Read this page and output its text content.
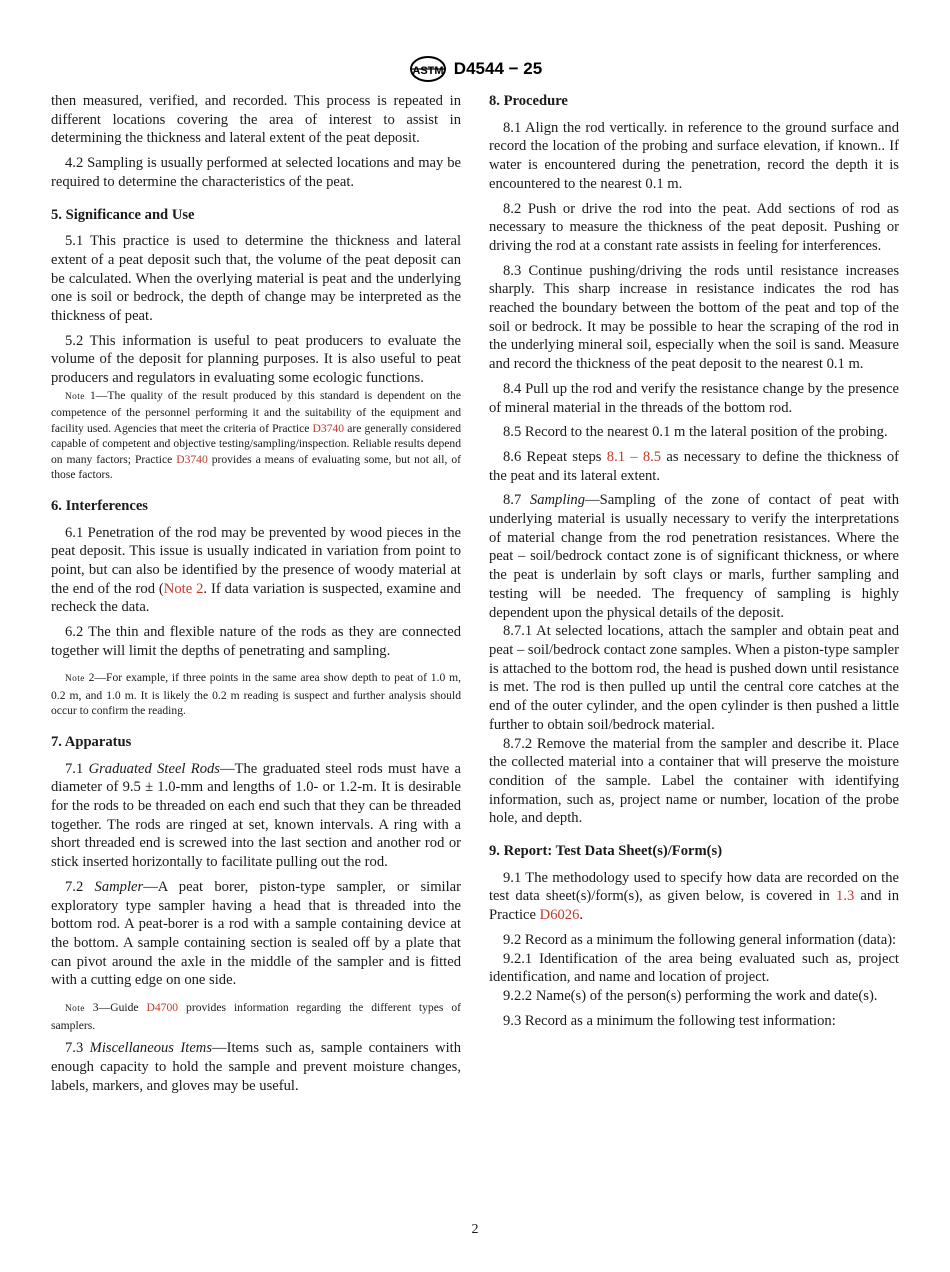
ASTM D4544 − 25

then measured, verified, and recorded. This process is repeated in different locations covering the area of interest to assist in determining the thickness and lateral extent of the peat deposit.

4.2 Sampling is usually performed at selected locations and may be required to determine the characteristics of the peat.

5. Significance and Use

5.1 This practice is used to determine the thickness and lateral extent of a peat deposit such that, the volume of the peat deposit can be calculated. When the overlying material is peat and the underlying one is soil or bedrock, the depth of change may be interpreted as the thickness of peat.

5.2 This information is useful to peat producers to evaluate the volume of the deposit for planning purposes. It is also useful to peat producers and regulators in evaluating some ecologic functions.

Note 1—The quality of the result produced by this standard is dependent on the competence of the personnel performing it and the suitability of the equipment and facility used. Agencies that meet the criteria of Practice D3740 are generally considered capable of competent and objective testing/sampling/inspection. Reliable results depend on many factors; Practice D3740 provides a means of evaluating some, but not all, of those factors.
6. Interferences

6.1 Penetration of the rod may be prevented by wood pieces in the peat deposit. This issue is usually indicated in variation from point to point, but can also be identified by the presence of woody material at the end of the rod (Note 2. If data variation is suspected, examine and recheck the data.

6.2 The thin and flexible nature of the rods as they are connected together will limit the depths of penetrating and sampling.

Note 2—For example, if three points in the same area show depth to peat of 1.0 m, 0.2 m, and 1.0 m. It is likely the 0.2 m reading is suspect and further analysis should occur to confirm the reading.
7. Apparatus

7.1 Graduated Steel Rods—The graduated steel rods must have a diameter of 9.5 ± 1.0-mm and lengths of 1.0- or 1.2-m. It is desirable for the rods to be threaded on each end such that they can be threaded together. The rods are ringed at set, known intervals. A ring with a short threaded end is screwed into the last section and another rod or stick inserted horizontally to facilitate pulling out the rod.

7.2 Sampler—A peat borer, piston-type sampler, or similar exploratory type sampler having a head that is threaded into the bottom rod. A peat-borer is a rod with a sample containing device at the bottom. A sample containing section is sealed off by a plate that can pivot around the axle in the middle of the sampler and is fitted with a cutting edge on one side.

Note 3—Guide D4700 provides information regarding the different types of samplers.

7.3 Miscellaneous Items—Items such as, sample containers with enough capacity to hold the sample and prevent moisture changes, labels, markers, and gloves may be useful.

8. Procedure

8.1 Align the rod vertically. in reference to the ground surface and record the location of the probing and surface elevation, if known.. If water is encountered during the penetration, record the depth it is encountered to the nearest 0.1 m.

8.2 Push or drive the rod into the peat. Add sections of rod as necessary to measure the thickness of the peat deposit. Pushing or driving the rod at a constant rate assists in feeling for interferences.

8.3 Continue pushing/driving the rods until resistance increases sharply. This sharp increase in resistance indicates the rod has reached the boundary between the bottom of the peat and top of the soil or bedrock. It may be possible to hear the scraping of the rod in the underlying mineral soil, especially when the soil is sand. Measure and record the thickness of the peat deposit to the nearest 0.1 m.

8.4 Pull up the rod and verify the resistance change by the presence of mineral material in the threads of the bottom rod.

8.5 Record to the nearest 0.1 m the lateral position of the probing.

8.6 Repeat steps 8.1 – 8.5 as necessary to define the thickness of the peat and its lateral extent.

8.7 Sampling—Sampling of the zone of contact of peat with underlying material is usually necessary to verify the interpretations of material change from the rod penetration resistances. Where the peat – soil/bedrock contact zone is of significant thickness, or where the peat is underlain by soft clays or marls, further sampling and testing will be needed. The frequency of sampling is highly dependent upon the physical details of the deposit.

8.7.1 At selected locations, attach the sampler and obtain peat and peat – soil/bedrock contact zone samples. When a piston-type sampler is attached to the bottom rod, the head is pushed down until resistance is met. The rod is then pulled up until the central core catches at the end of the outer cylinder, and the open cylinder is then pushed a little further to obtain soil/bedrock material.

8.7.2 Remove the material from the sampler and describe it. Place the collected material into a container that will preserve the moisture condition of the sample. Label the container with identifying information, such as, project name or number, location of the probe hole, and depth.

9. Report: Test Data Sheet(s)/Form(s)

9.1 The methodology used to specify how data are recorded on the test data sheet(s)/form(s), as given below, is covered in 1.3 and in Practice D6026.

9.2 Record as a minimum the following general information (data):

9.2.1 Identification of the area being evaluated such as, project identification, and name and location of project.

9.2.2 Name(s) of the person(s) performing the work and date(s).

9.3 Record as a minimum the following test information:

2
